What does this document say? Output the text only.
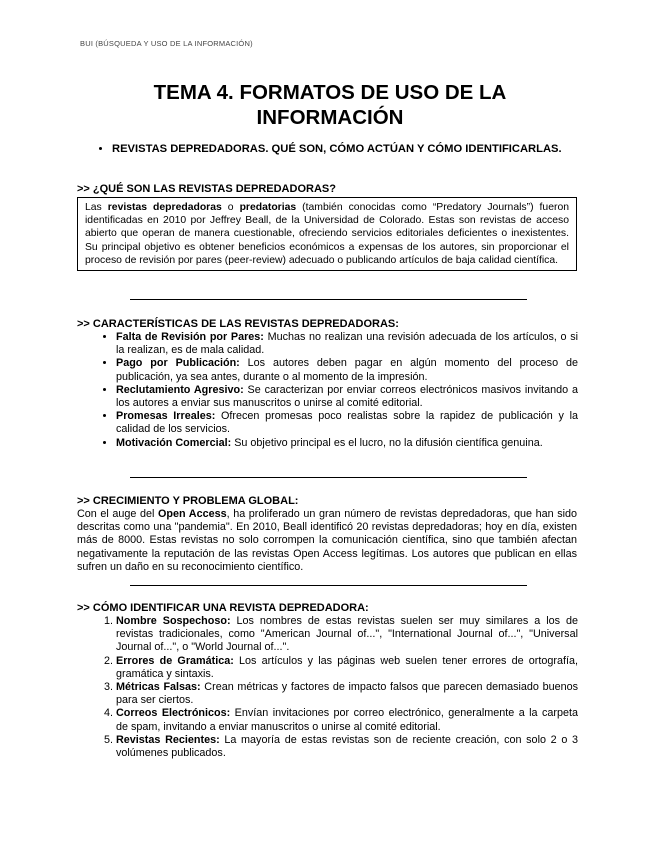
BUI (BÚSQUEDA Y USO DE LA INFORMACIÓN)
TEMA 4. FORMATOS DE USO DE LA INFORMACIÓN
• REVISTAS DEPREDADORAS. QUÉ SON, CÓMO ACTÚAN Y CÓMO IDENTIFICARLAS.
>> ¿QUÉ SON LAS REVISTAS DEPREDADORAS?
Las revistas depredadoras o predatorias (también conocidas como “Predatory Journals”) fueron identificadas en 2010 por Jeffrey Beall, de la Universidad de Colorado. Estas son revistas de acceso abierto que operan de manera cuestionable, ofreciendo servicios editoriales deficientes o inexistentes. Su principal objetivo es obtener beneficios económicos a expensas de los autores, sin proporcionar el proceso de revisión por pares (peer-review) adecuado o publicando artículos de baja calidad científica.
>> CARACTERÍSTICAS DE LAS REVISTAS DEPREDADORAS:
• Falta de Revisión por Pares: Muchas no realizan una revisión adecuada de los artículos, o si la realizan, es de mala calidad.
• Pago por Publicación: Los autores deben pagar en algún momento del proceso de publicación, ya sea antes, durante o al momento de la impresión.
• Reclutamiento Agresivo: Se caracterizan por enviar correos electrónicos masivos invitando a los autores a enviar sus manuscritos o unirse al comité editorial.
• Promesas Irreales: Ofrecen promesas poco realistas sobre la rapidez de publicación y la calidad de los servicios.
• Motivación Comercial: Su objetivo principal es el lucro, no la difusión científica genuina.
>> CRECIMIENTO Y PROBLEMA GLOBAL:
Con el auge del Open Access, ha proliferado un gran número de revistas depredadoras, que han sido descritas como una "pandemia". En 2010, Beall identificó 20 revistas depredadoras; hoy en día, existen más de 8000. Estas revistas no solo corrompen la comunicación científica, sino que también afectan negativamente la reputación de las revistas Open Access legítimas. Los autores que publican en ellas sufren un daño en su reconocimiento científico.
>> CÓMO IDENTIFICAR UNA REVISTA DEPREDADORA:
1. Nombre Sospechoso: Los nombres de estas revistas suelen ser muy similares a los de revistas tradicionales, como "American Journal of...", "International Journal of...", "Universal Journal of...", o "World Journal of...".
2. Errores de Gramática: Los artículos y las páginas web suelen tener errores de ortografía, gramática y sintaxis.
3. Métricas Falsas: Crean métricas y factores de impacto falsos que parecen demasiado buenos para ser ciertos.
4. Correos Electrónicos: Envían invitaciones por correo electrónico, generalmente a la carpeta de spam, invitando a enviar manuscritos o unirse al comité editorial.
5. Revistas Recientes: La mayoría de estas revistas son de reciente creación, con solo 2 o 3 volúmenes publicados.
